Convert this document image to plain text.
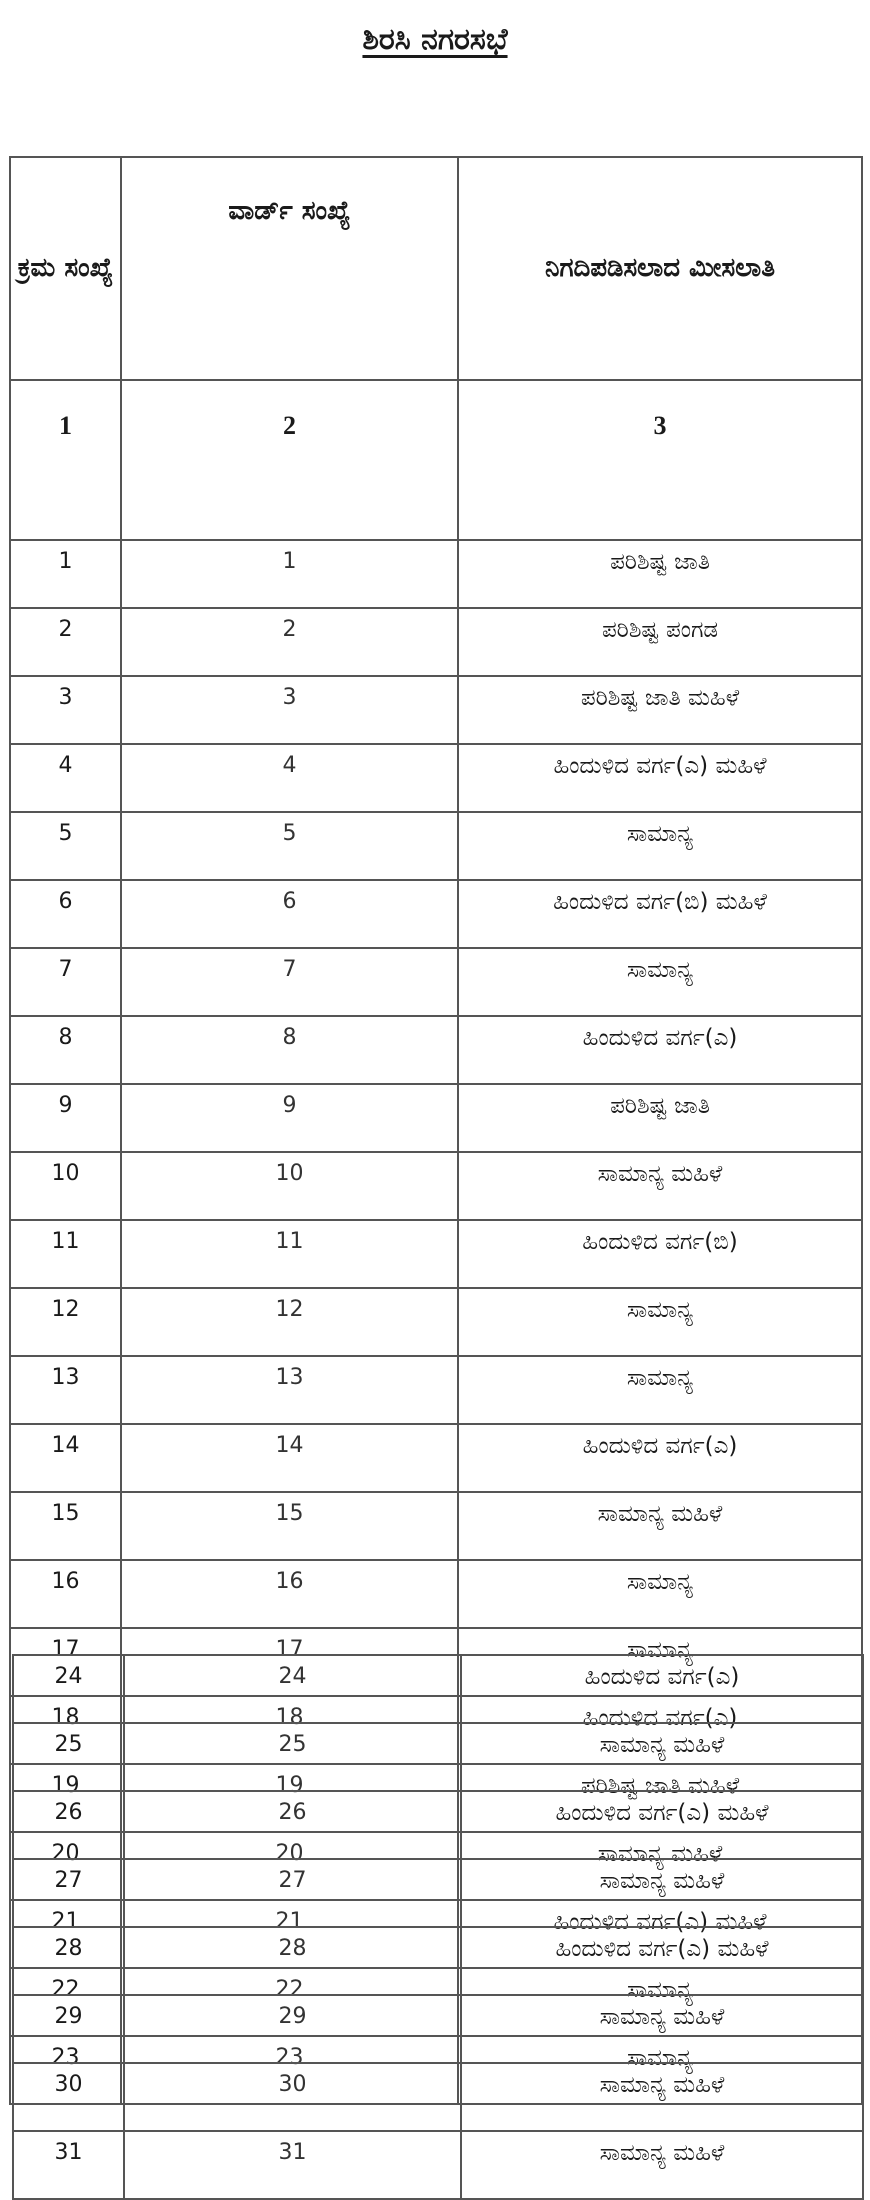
ಶಿರಸಿ ನಗರಸಭೆ
ಕ್ರಮ ಸಂಖ್ಯೆ	ವಾರ್ಡ್ ಸಂಖ್ಯೆ	ನಿಗದಿಪಡಿಸಲಾದ ಮೀಸಲಾತಿ
1	2	3
1	1	ಪರಿಶಿಷ್ಟ ಜಾತಿ
2	2	ಪರಿಶಿಷ್ಟ ಪಂಗಡ
3	3	ಪರಿಶಿಷ್ಟ ಜಾತಿ ಮಹಿಳೆ
4	4	ಹಿಂದುಳಿದ ವರ್ಗ(ಎ) ಮಹಿಳೆ
5	5	ಸಾಮಾನ್ಯ
6	6	ಹಿಂದುಳಿದ ವರ್ಗ(ಬಿ) ಮಹಿಳೆ
7	7	ಸಾಮಾನ್ಯ
8	8	ಹಿಂದುಳಿದ ವರ್ಗ(ಎ)
9	9	ಪರಿಶಿಷ್ಟ ಜಾತಿ
10	10	ಸಾಮಾನ್ಯ ಮಹಿಳೆ
11	11	ಹಿಂದುಳಿದ ವರ್ಗ(ಬಿ)
12	12	ಸಾಮಾನ್ಯ
13	13	ಸಾಮಾನ್ಯ
14	14	ಹಿಂದುಳಿದ ವರ್ಗ(ಎ)
15	15	ಸಾಮಾನ್ಯ ಮಹಿಳೆ
16	16	ಸಾಮಾನ್ಯ
17	17	ಸಾಮಾನ್ಯ
18	18	ಹಿಂದುಳಿದ ವರ್ಗ(ಎ)
19	19	ಪರಿಶಿಷ್ಟ ಜಾತಿ ಮಹಿಳೆ
20	20	ಸಾಮಾನ್ಯ ಮಹಿಳೆ
21	21	ಹಿಂದುಳಿದ ವರ್ಗ(ಎ) ಮಹಿಳೆ
22	22	ಸಾಮಾನ್ಯ
23	23	ಸಾಮಾನ್ಯ
24	24	ಹಿಂದುಳಿದ ವರ್ಗ(ಎ)
25	25	ಸಾಮಾನ್ಯ ಮಹಿಳೆ
26	26	ಹಿಂದುಳಿದ ವರ್ಗ(ಎ) ಮಹಿಳೆ
27	27	ಸಾಮಾನ್ಯ ಮಹಿಳೆ
28	28	ಹಿಂದುಳಿದ ವರ್ಗ(ಎ) ಮಹಿಳೆ
29	29	ಸಾಮಾನ್ಯ ಮಹಿಳೆ
30	30	ಸಾಮಾನ್ಯ ಮಹಿಳೆ
31	31	ಸಾಮಾನ್ಯ ಮಹಿಳೆ
